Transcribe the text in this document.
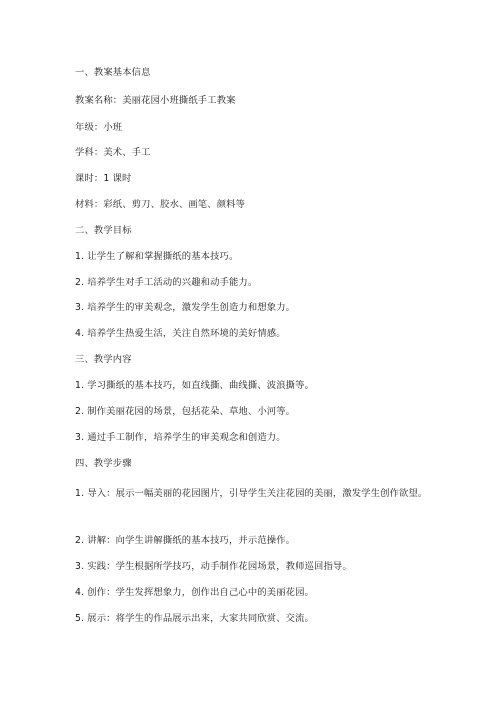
一、教案基本信息
教案名称：美丽花园小班撕纸手工教案
年级：小班
学科：美术、手工
课时：1 课时
材料：彩纸、剪刀、胶水、画笔、颜料等
二、教学目标
1. 让学生了解和掌握撕纸的基本技巧。
2. 培养学生对手工活动的兴趣和动手能力。
3. 培养学生的审美观念，激发学生创造力和想象力。
4. 培养学生热爱生活，关注自然环境的美好情感。
三、教学内容
1. 学习撕纸的基本技巧，如直线撕、曲线撕、波浪撕等。
2. 制作美丽花园的场景，包括花朵、草地、小河等。
3. 通过手工制作，培养学生的审美观念和创造力。
四、教学步骤
1. 导入：展示一幅美丽的花园图片，引导学生关注花园的美丽，激发学生创作欲望。
2. 讲解：向学生讲解撕纸的基本技巧，并示范操作。
3. 实践：学生根据所学技巧，动手制作花园场景，教师巡回指导。
4. 创作：学生发挥想象力，创作出自己心中的美丽花园。
5. 展示：将学生的作品展示出来，大家共同欣赏、交流。
